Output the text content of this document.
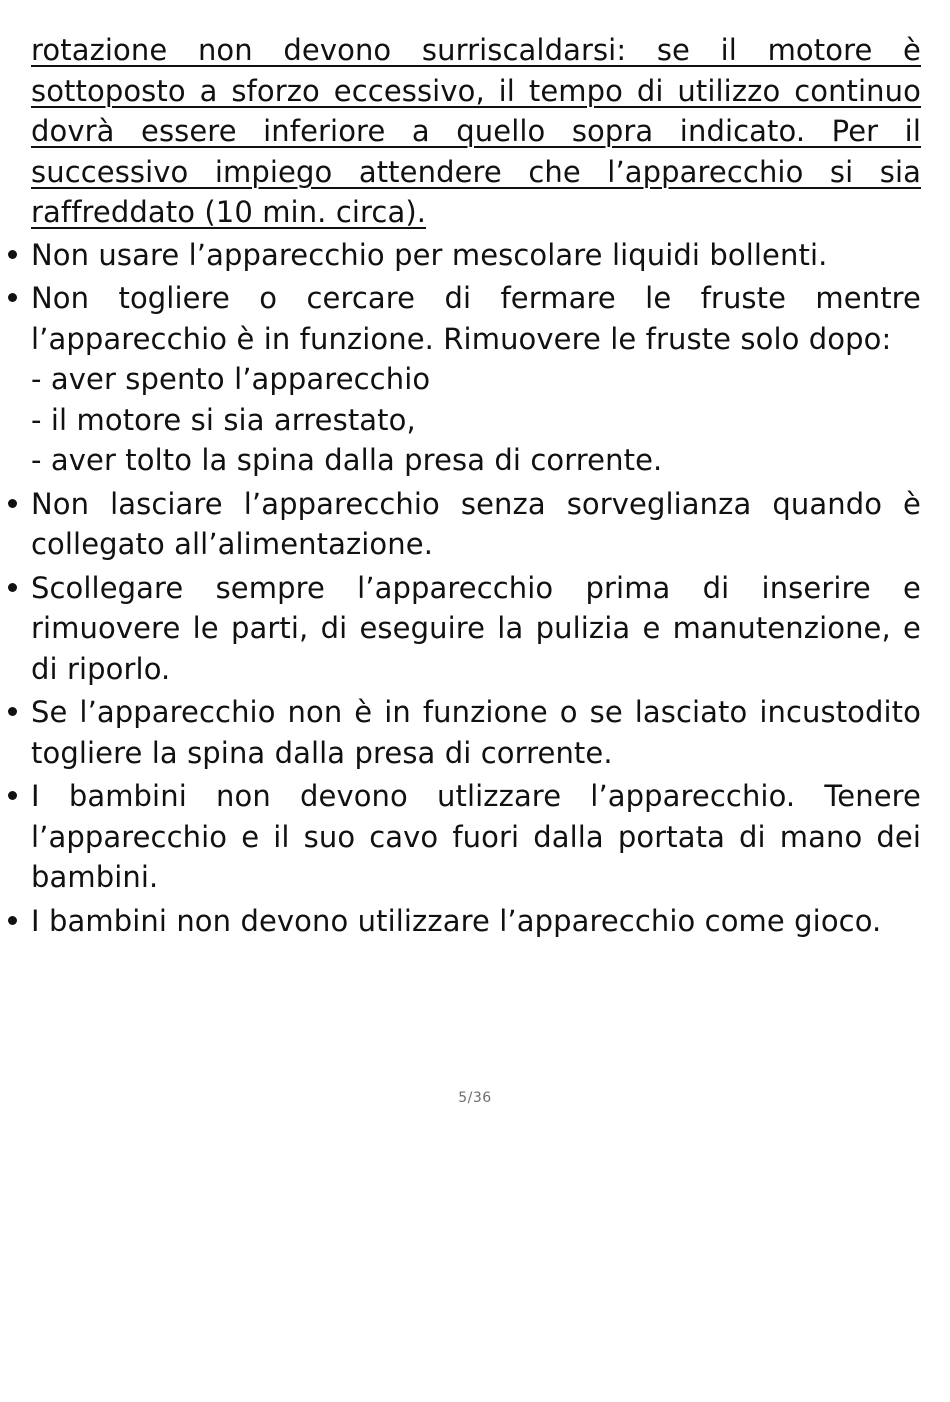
rotazione non devono surriscaldarsi: se il motore è sottoposto a sforzo eccessivo, il tempo di utilizzo continuo dovrà essere inferiore a quello sopra indicato. Per il successivo impiego attendere che l’apparecchio si sia raffreddato (10 min. circa).

Non usare l’apparecchio per mescolare liquidi bollenti.
Non togliere o cercare di fermare le fruste mentre l’apparecchio è in funzione. Rimuovere le fruste solo dopo:
- aver spento l’apparecchio
- il motore si sia arrestato,
- aver tolto la spina dalla presa di corrente.
Non lasciare l’apparecchio senza sorveglianza quando è collegato all’alimentazione.
Scollegare sempre l’apparecchio prima di inserire e rimuovere le parti, di eseguire la pulizia e manutenzione, e di riporlo.
Se l’apparecchio non è in funzione o se lasciato incustodito togliere la spina dalla presa di corrente.
I bambini non devono utlizzare l’apparecchio. Tenere l’apparecchio e il suo cavo fuori dalla portata di mano dei bambini.
I bambini non devono utilizzare l’apparecchio come gioco.
5/36
